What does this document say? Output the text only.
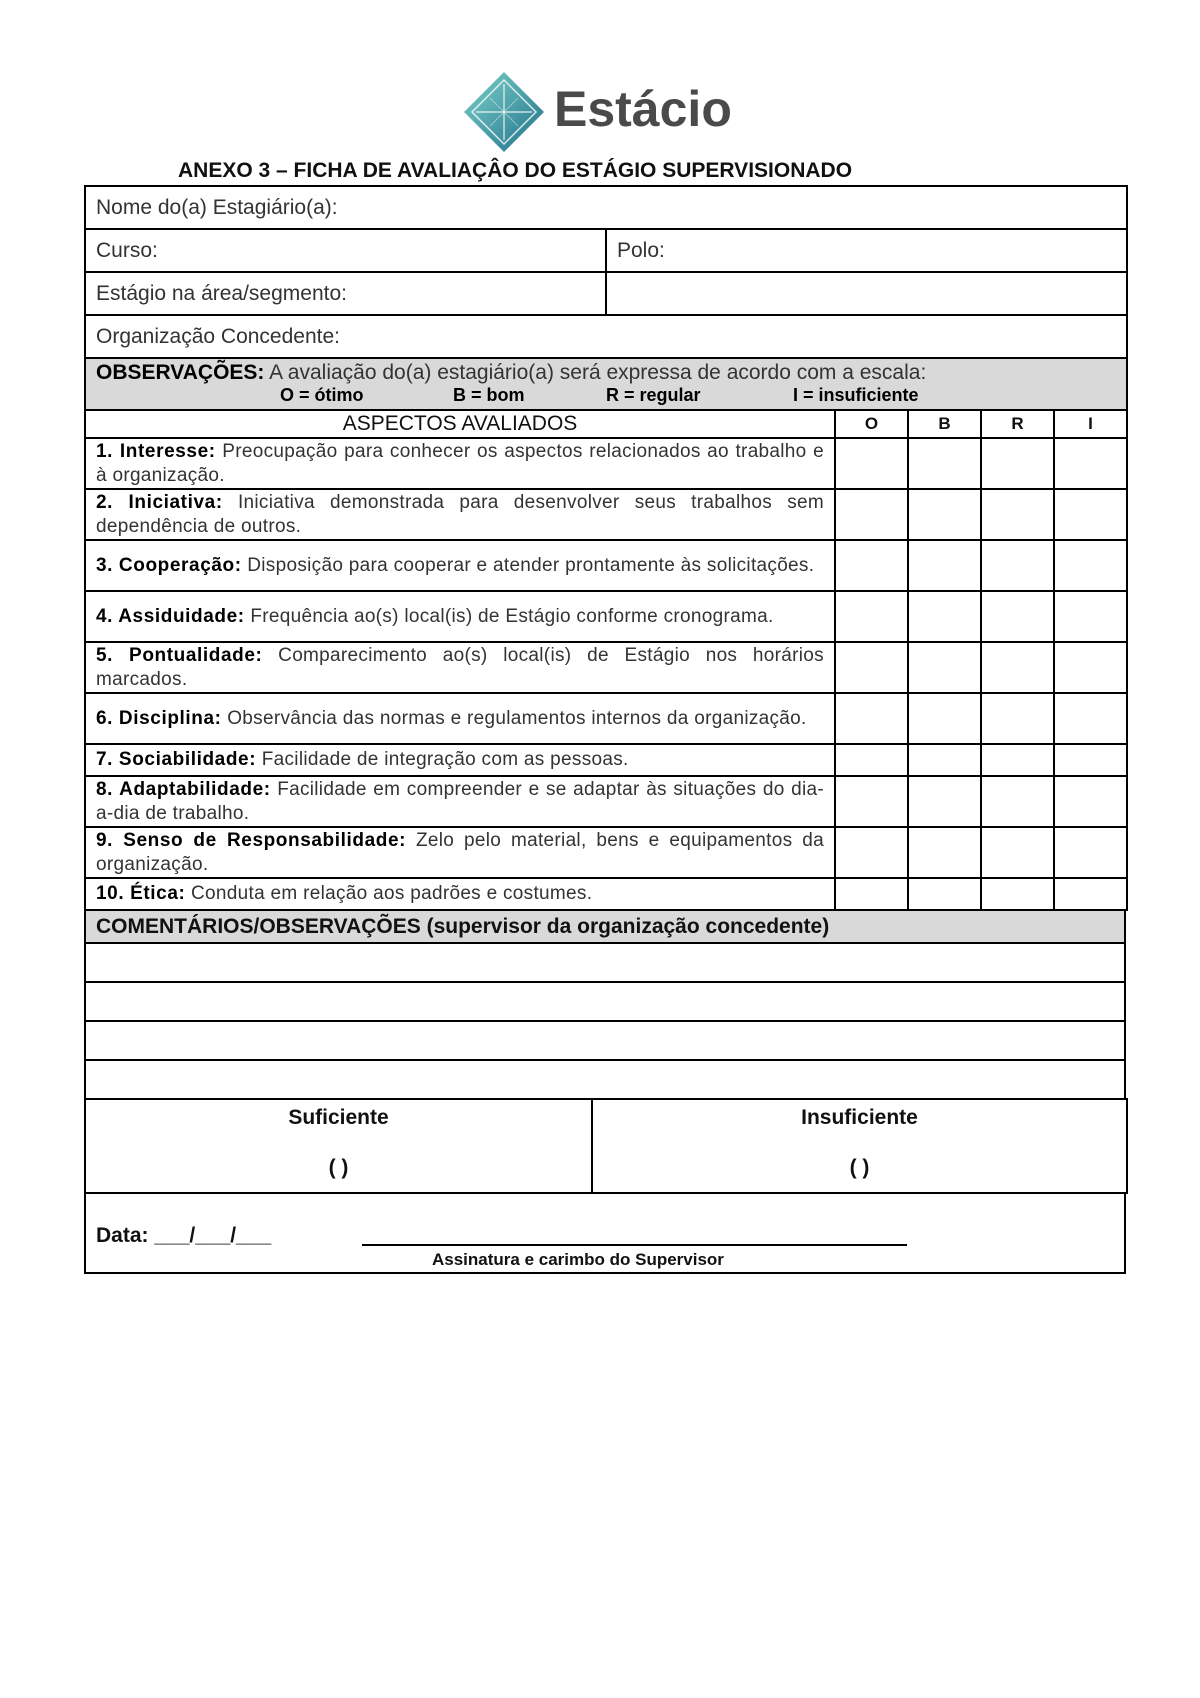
Estácio
ANEXO 3 – FICHA DE AVALIAÇÂO DO ESTÁGIO SUPERVISIONADO
Nome do(a) Estagiário(a):	
Curso:	Polo:
Estágio na área/segmento:	
Organização Concedente:	

OBSERVAÇÕES: A avaliação do(a) estagiário(a) será expressa de acordo com a escala:
O = ótimo B = bom R = regular I = insuficiente	
ASPECTOS AVALIADOS	O	B	R	I
1. Interesse: Preocupação para conhecer os aspectos relacionados ao trabalho e à organização.				
2. Iniciativa: Iniciativa demonstrada para desenvolver seus trabalhos sem dependência de outros.				
3. Cooperação: Disposição para cooperar e atender prontamente às solicitações.				
4. Assiduidade: Frequência ao(s) local(is) de Estágio conforme cronograma.				
5. Pontualidade: Comparecimento ao(s) local(is) de Estágio nos horários marcados.				
6. Disciplina: Observância das normas e regulamentos internos da organização.				
7. Sociabilidade: Facilidade de integração com as pessoas.				
8. Adaptabilidade: Facilidade em compreender e se adaptar às situações do dia-a-dia de trabalho.				
9. Senso de Responsabilidade: Zelo pelo material, bens e equipamentos da organização.				
10. Ética: Conduta em relação aos padrões e costumes.				
COMENTÁRIOS/OBSERVAÇÕES (supervisor da organização concedente)

Suficiente
( )
	Insuficiente
( )
Data: ___/___/___
Assinatura e carimbo do Supervisor
